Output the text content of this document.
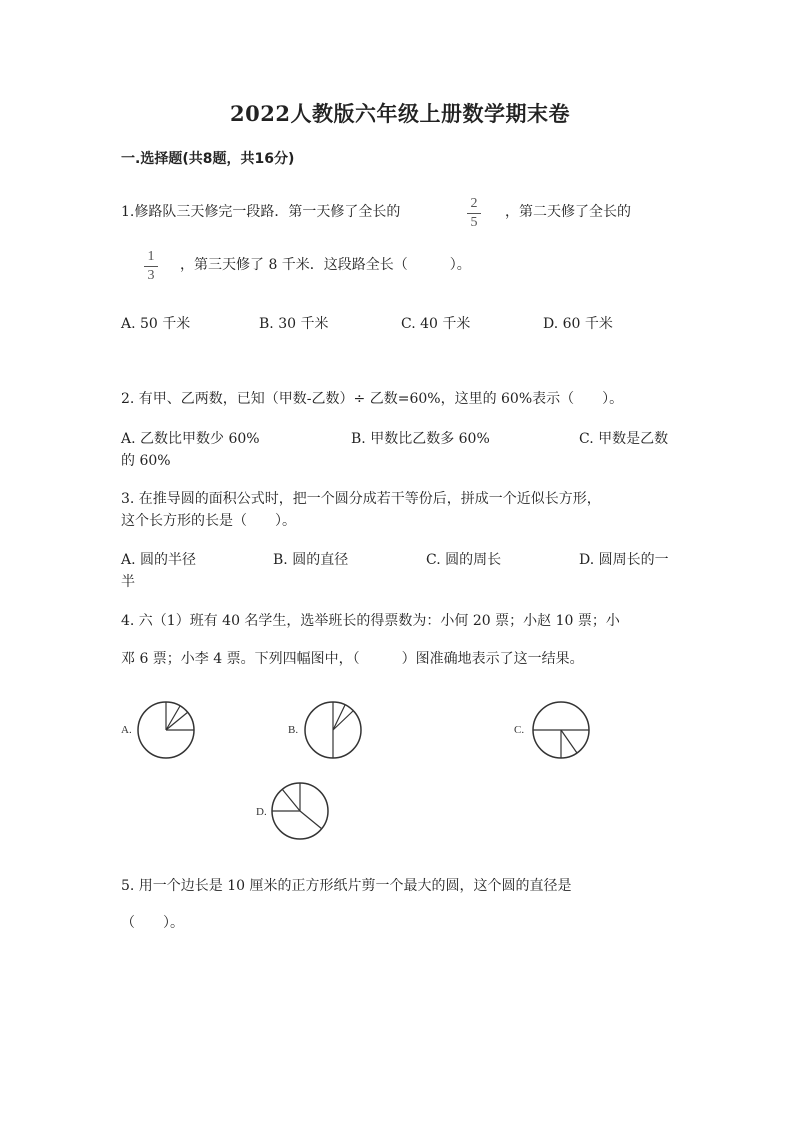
2022人教版六年级上册数学期末卷
一.选择题(共8题，共16分)
1.修路队三天修完一段路．第一天修了全长的
2
5
，第二天修了全长的
1
3
，第三天修了 8 千米．这段路全长（　　　）。
A. 50 千米	B. 30 千米	C. 40 千米	D. 60 千米
2. 有甲、乙两数，已知（甲数-乙数）÷ 乙数=60%，这里的 60%表示（　　）。
A. 乙数比甲数少 60%	B. 甲数比乙数多 60%	C. 甲数是乙数
的 60%
3. 在推导圆的面积公式时，把一个圆分成若干等份后，拼成一个近似长方形，
这个长方形的长是（　　）。
A. 圆的半径	B. 圆的直径	C. 圆的周长	D. 圆周长的一
半
4. 六（1）班有 40 名学生，选举班长的得票数为：小何 20 票；小赵 10 票；小
邓 6 票；小李 4 票。下列四幅图中，（　　　）图准确地表示了这一结果。
A.	B.	C.
D.
5. 用一个边长是 10 厘米的正方形纸片剪一个最大的圆，这个圆的直径是
（　　）。
